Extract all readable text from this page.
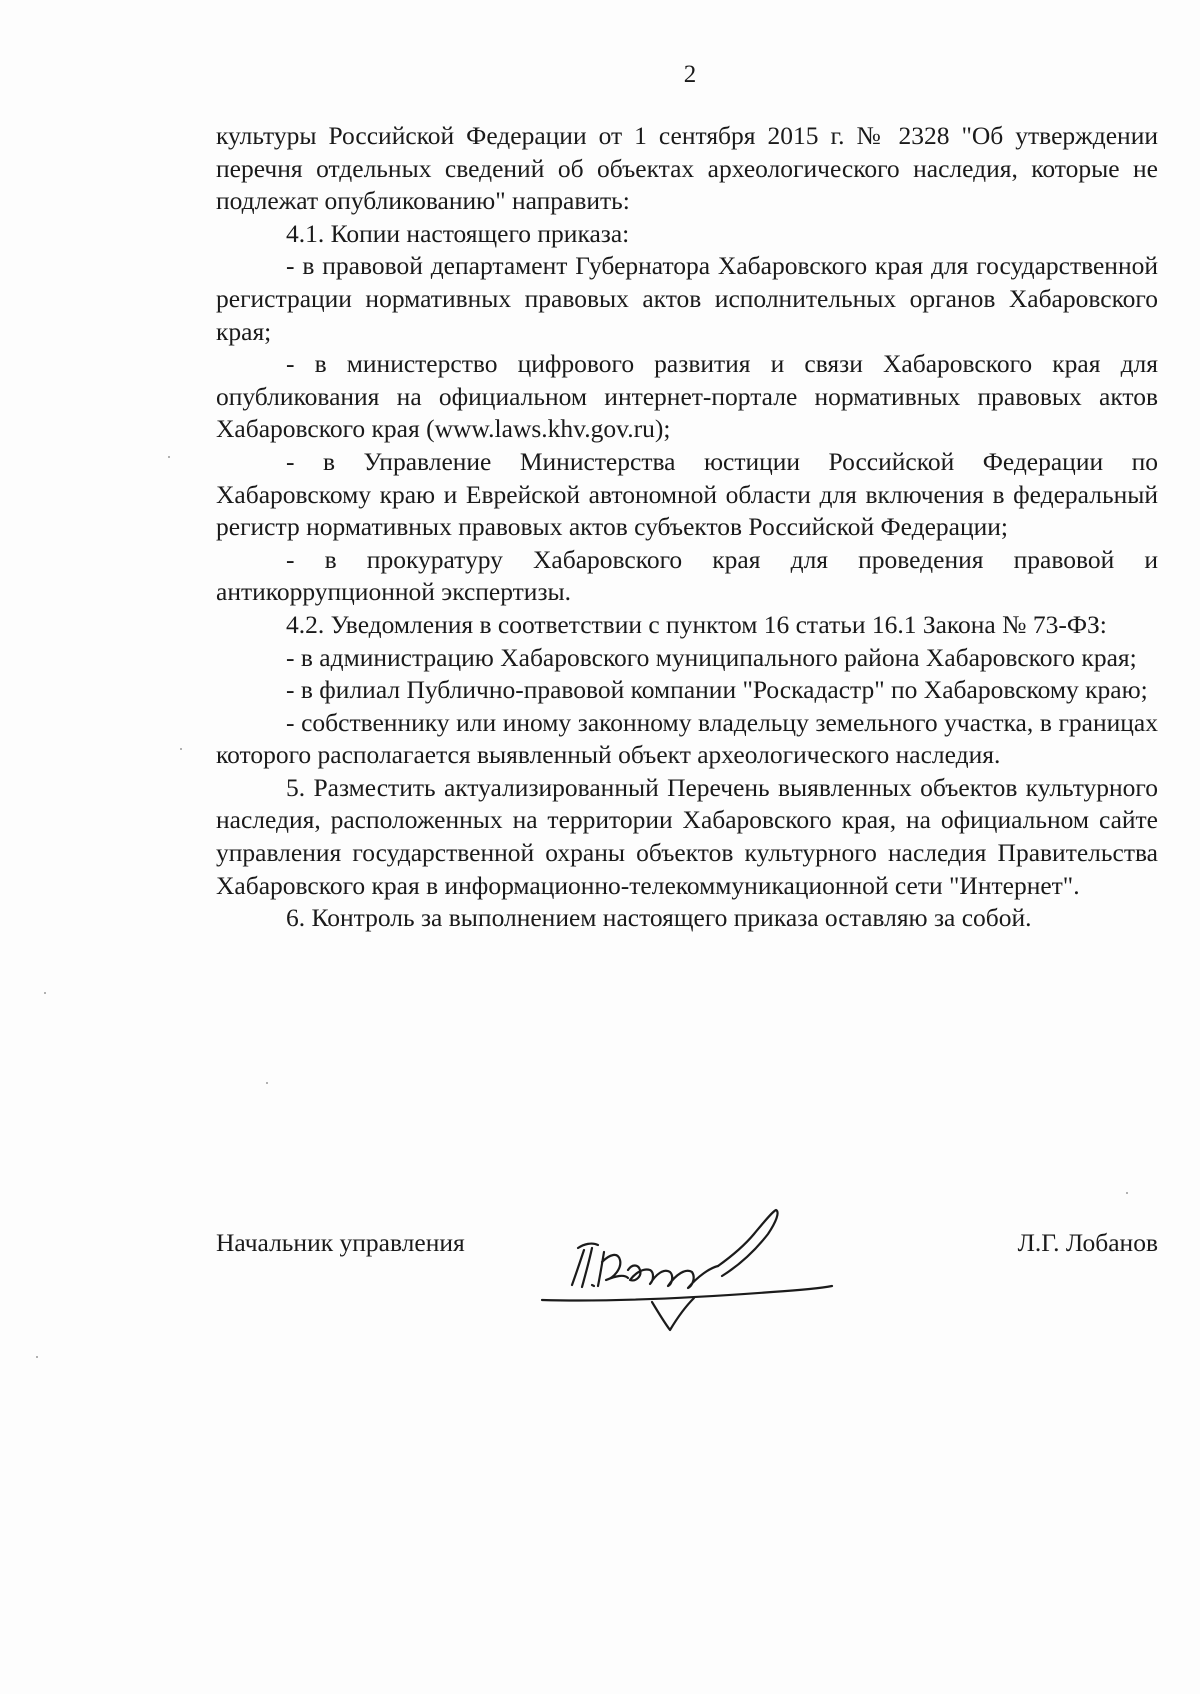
2

культуры Российской Федерации от 1 сентября 2015 г. № 2328 "Об утверждении перечня отдельных сведений об объектах археологического наследия, которые не подлежат опубликованию" направить:

4.1. Копии настоящего приказа:

- в правовой департамент Губернатора Хабаровского края для государственной регистрации нормативных правовых актов исполнительных органов Хабаровского края;

- в министерство цифрового развития и связи Хабаровского края для опубликования на официальном интернет-портале нормативных правовых актов Хабаровского края (www.laws.khv.gov.ru);

- в Управление Министерства юстиции Российской Федерации по Хабаровскому краю и Еврейской автономной области для включения в федеральный регистр нормативных правовых актов субъектов Российской Федерации;

- в прокуратуру Хабаровского края для проведения правовой и антикоррупционной экспертизы.

4.2. Уведомления в соответствии с пунктом 16 статьи 16.1 Закона № 73-ФЗ:

- в администрацию Хабаровского муниципального района Хабаровского края;

- в филиал Публично-правовой компании "Роскадастр" по Хабаровскому краю;

- собственнику или иному законному владельцу земельного участка, в границах которого располагается выявленный объект археологического наследия.

5. Разместить актуализированный Перечень выявленных объектов культурного наследия, расположенных на территории Хабаровского края, на официальном сайте управления государственной охраны объектов культурного наследия Правительства Хабаровского края в информационно-телекоммуникационной сети "Интернет".

6. Контроль за выполнением настоящего приказа оставляю за собой.

Начальник управления	Л.Г. Лобанов
